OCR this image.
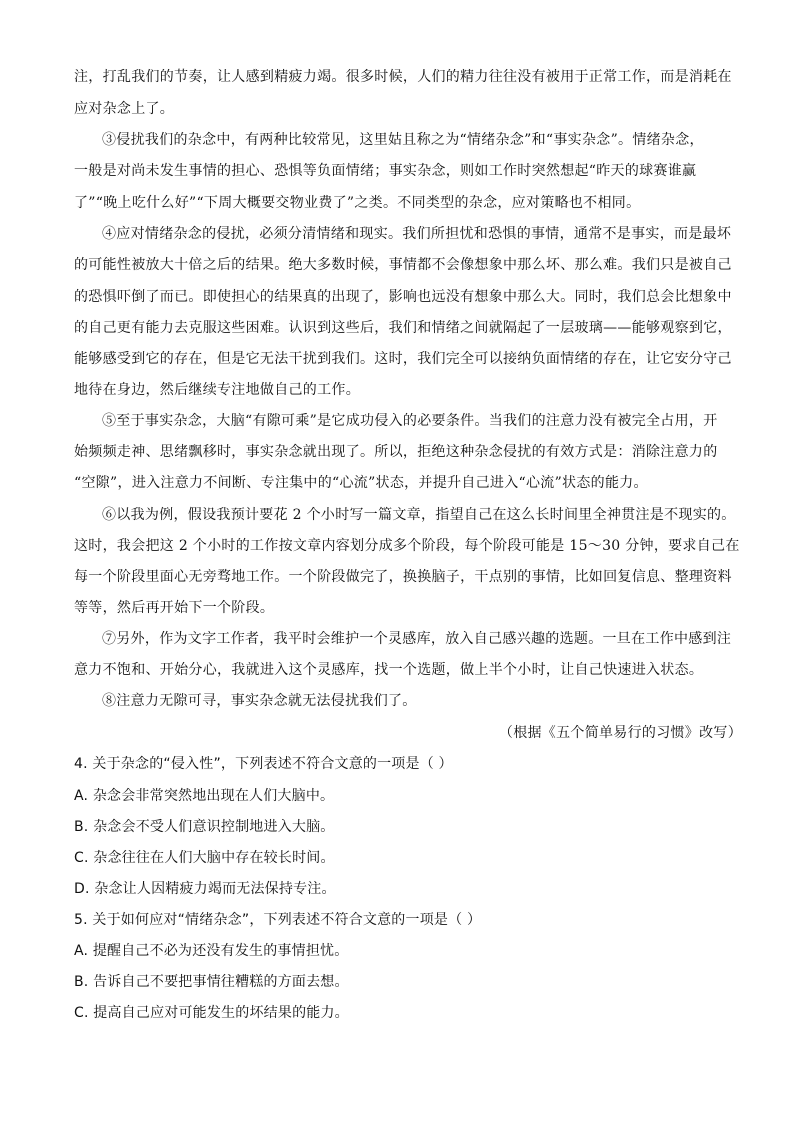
注，打乱我们的节奏，让人感到精疲力竭。很多时候，人们的精力往往没有被用于正常工作，而是消耗在
应对杂念上了。
③侵扰我们的杂念中，有两种比较常见，这里姑且称之为“情绪杂念”和“事实杂念”。情绪杂念，
一般是对尚未发生事情的担心、恐惧等负面情绪；事实杂念，则如工作时突然想起“昨天的球赛谁赢
了”“晚上吃什么好”“下周大概要交物业费了”之类。不同类型的杂念，应对策略也不相同。
④应对情绪杂念的侵扰，必须分清情绪和现实。我们所担忧和恐惧的事情，通常不是事实，而是最坏
的可能性被放大十倍之后的结果。绝大多数时候，事情都不会像想象中那么坏、那么难。我们只是被自己
的恐惧吓倒了而已。即使担心的结果真的出现了，影响也远没有想象中那么大。同时，我们总会比想象中
的自己更有能力去克服这些困难。认识到这些后，我们和情绪之间就隔起了一层玻璃——能够观察到它，
能够感受到它的存在，但是它无法干扰到我们。这时，我们完全可以接纳负面情绪的存在，让它安分守己
地待在身边，然后继续专注地做自己的工作。
⑤至于事实杂念，大脑“有隙可乘”是它成功侵入的必要条件。当我们的注意力没有被完全占用，开
始频频走神、思绪飘移时，事实杂念就出现了。所以，拒绝这种杂念侵扰的有效方式是：消除注意力的
“空隙”，进入注意力不间断、专注集中的“心流”状态，并提升自己进入“心流”状态的能力。
⑥以我为例，假设我预计要花 2 个小时写一篇文章，指望自己在这么长时间里全神贯注是不现实的。
这时，我会把这 2 个小时的工作按文章内容划分成多个阶段，每个阶段可能是 15～30 分钟，要求自己在
每一个阶段里面心无旁骛地工作。一个阶段做完了，换换脑子，干点别的事情，比如回复信息、整理资料
等等，然后再开始下一个阶段。
⑦另外，作为文字工作者，我平时会维护一个灵感库，放入自己感兴趣的选题。一旦在工作中感到注
意力不饱和、开始分心，我就进入这个灵感库，找一个选题，做上半个小时，让自己快速进入状态。
⑧注意力无隙可寻，事实杂念就无法侵扰我们了。
（根据《五个简单易行的习惯》改写）
4. 关于杂念的“侵入性”，下列表述不符合文意的一项是（ ）
A. 杂念会非常突然地出现在人们大脑中。
B. 杂念会不受人们意识控制地进入大脑。
C. 杂念往往在人们大脑中存在较长时间。
D. 杂念让人因精疲力竭而无法保持专注。
5. 关于如何应对“情绪杂念”，下列表述不符合文意的一项是（ ）
A. 提醒自己不必为还没有发生的事情担忧。
B. 告诉自己不要把事情往糟糕的方面去想。
C. 提高自己应对可能发生的坏结果的能力。
